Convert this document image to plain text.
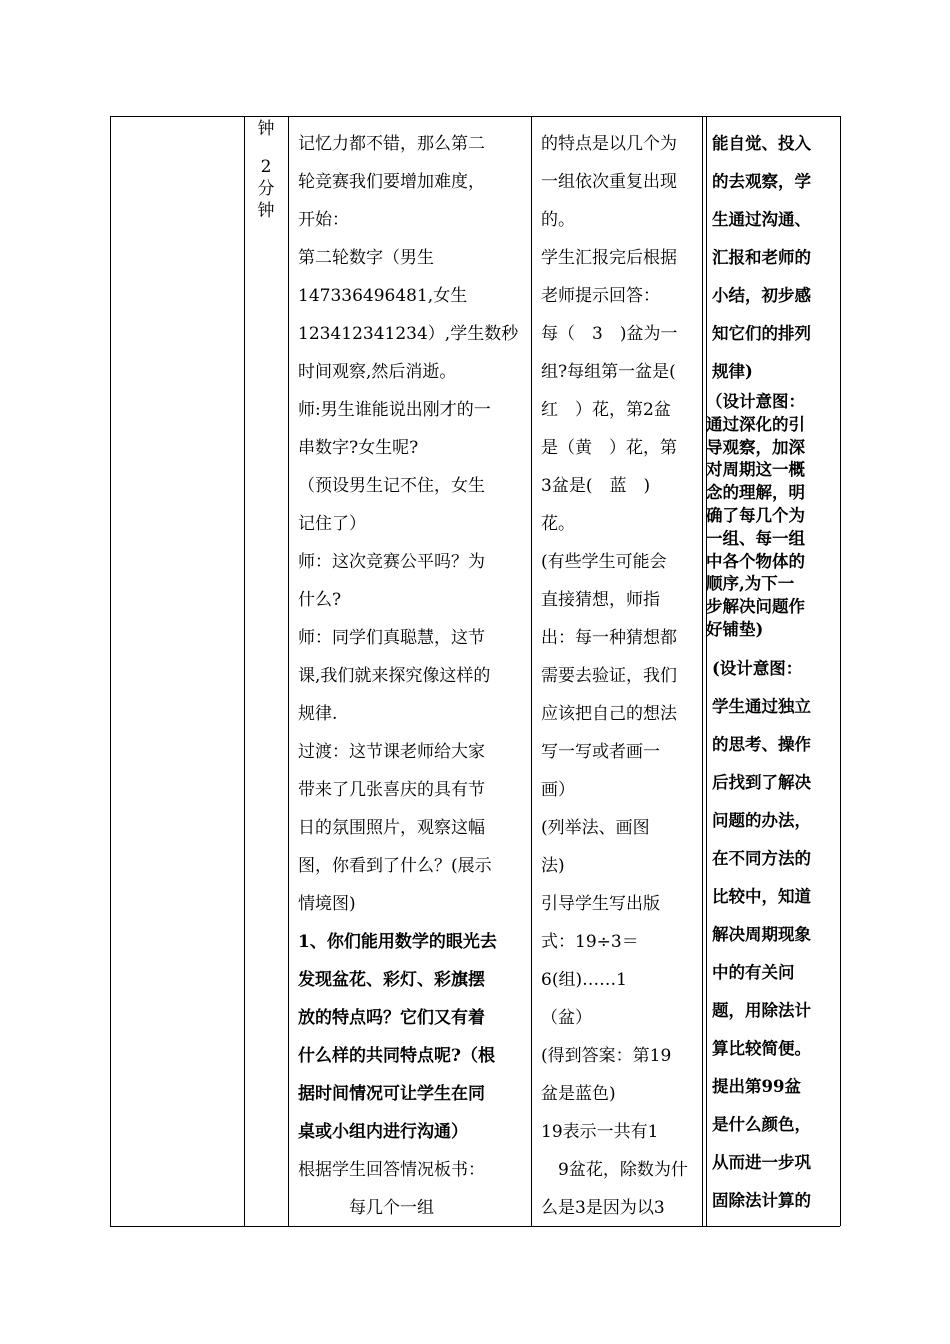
钟
2
分
钟
记忆力都不错，那么第二
轮竞赛我们要增加难度，
开始：
第二轮数字（男生
147336496481,女生
123412341234）,学生数秒
时间观察,然后消逝。
师:男生谁能说出刚才的一
串数字?女生呢?
（预设男生记不住，女生
记住了）
师：这次竞赛公平吗？为
什么?
师：同学们真聪慧，这节
课,我们就来探究像这样的
规律.
过渡：这节课老师给大家
带来了几张喜庆的具有节
日的氛围照片，观察这幅
图，你看到了什么？(展示
情境图)
1、你们能用数学的眼光去
发现盆花、彩灯、彩旗摆
放的特点吗？它们又有着
什么样的共同特点呢?（根
据时间情况可让学生在同
桌或小组内进行沟通）
根据学生回答情况板书：
　　　每几个一组
的特点是以几个为
一组依次重复出现
的。
学生汇报完后根据
老师提示回答：
每（　3　)盆为一
组?每组第一盆是(
红　）花，第2盆
是（黄　）花，第
3盆是(　蓝　)
花。
(有些学生可能会
直接猜想，师指
出：每一种猜想都
需要去验证，我们
应该把自己的想法
写一写或者画一
画）
(列举法、画图
法)
引导学生写出版
式：19÷3＝
6(组)……1
（盆）
(得到答案：第19
盆是蓝色)
19表示一共有1
　9盆花，除数为什
么是3是因为以3
能自觉、投入
的去观察，学
生通过沟通、
汇报和老师的
小结，初步感
知它们的排列
规律)
（设计意图：
通过深化的引
导观察，加深
对周期这一概
念的理解，明
确了每几个为
一组、每一组
中各个物体的
顺序,为下一
步解决问题作
好铺垫)
(设计意图：
学生通过独立
的思考、操作
后找到了解决
问题的办法，
在不同方法的
比较中，知道
解决周期现象
中的有关问
题，用除法计
算比较简便。
提出第99盆
是什么颜色，
从而进一步巩
固除法计算的
